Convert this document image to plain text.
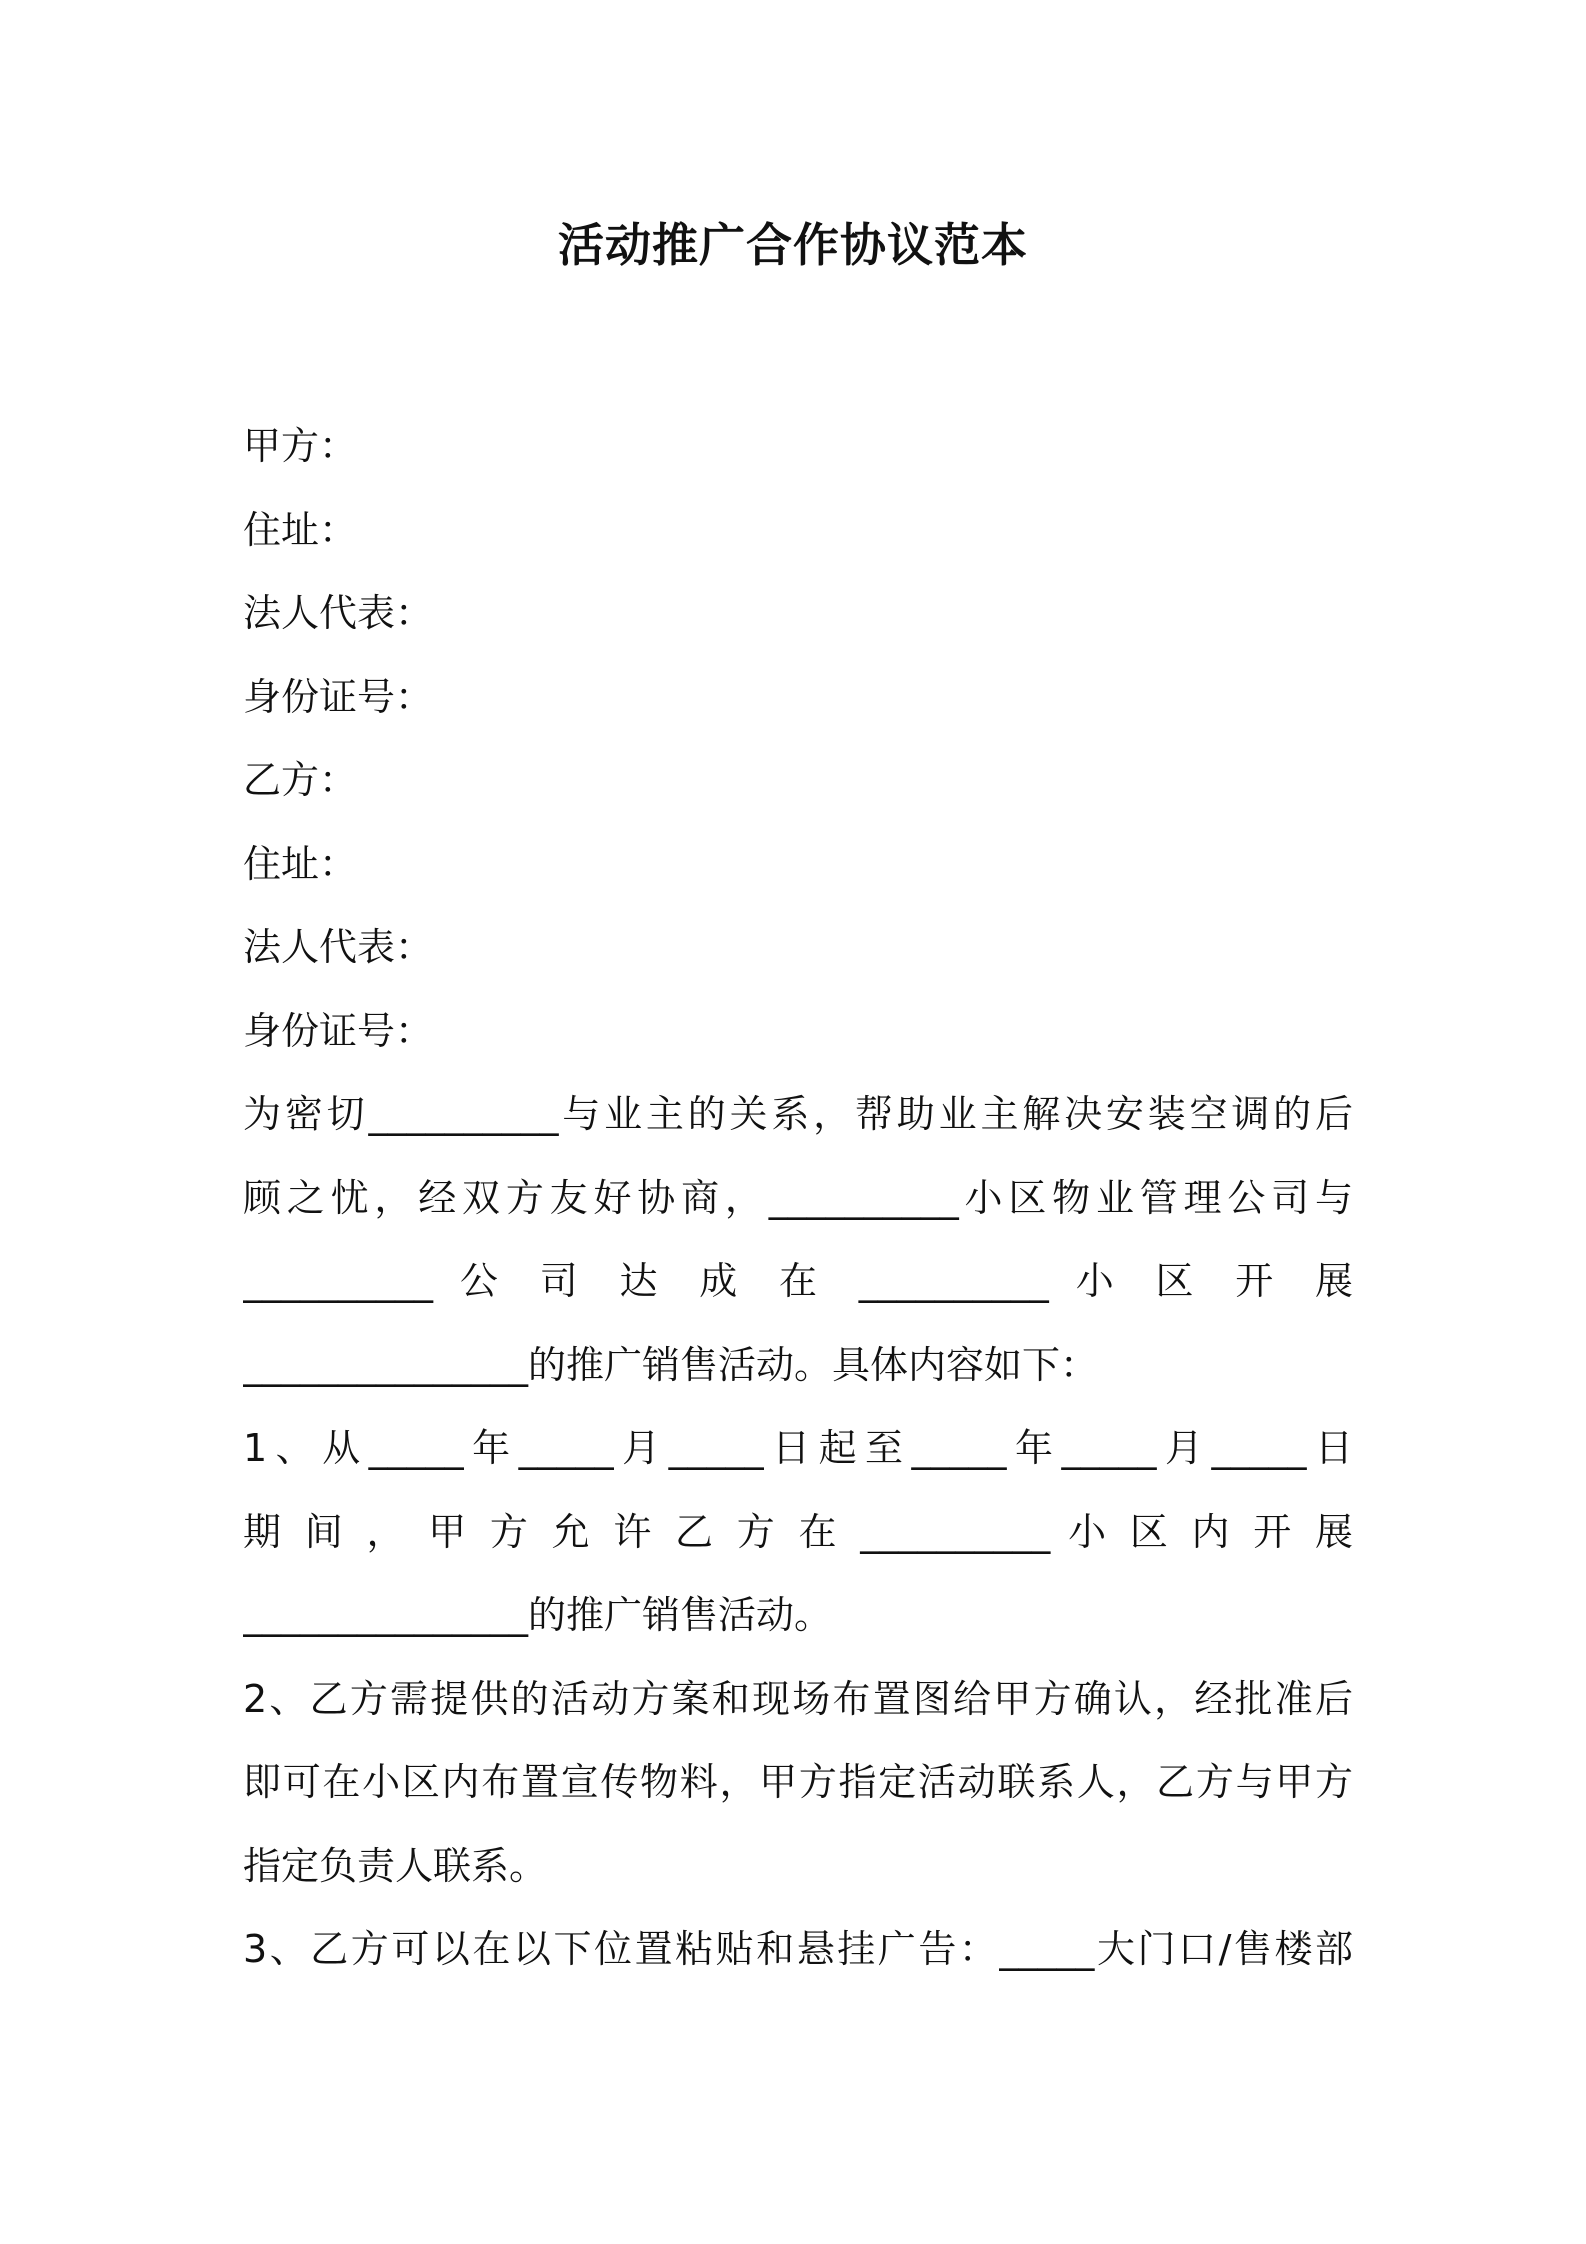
活动推广合作协议范本
甲方：
住址：
法人代表：
身份证号：
乙方：
住址：
法人代表：
身份证号：
为密切__________与业主的关系，帮助业主解决安装空调的后
顾之忧，经双方友好协商，__________小区物业管理公司与
__________ 公 司 达 成 在 __________ 小 区 开 展
_______________的推广销售活动。具体内容如下：
1、从_____年_____月_____日起至_____年_____月_____日
期 间 ， 甲 方 允 许 乙 方 在 __________ 小 区 内 开 展
_______________的推广销售活动。
2、乙方需提供的活动方案和现场布置图给甲方确认，经批准后
即可在小区内布置宣传物料，甲方指定活动联系人，乙方与甲方
指定负责人联系。
3、乙方可以在以下位置粘贴和悬挂广告：_____大门口/售楼部
